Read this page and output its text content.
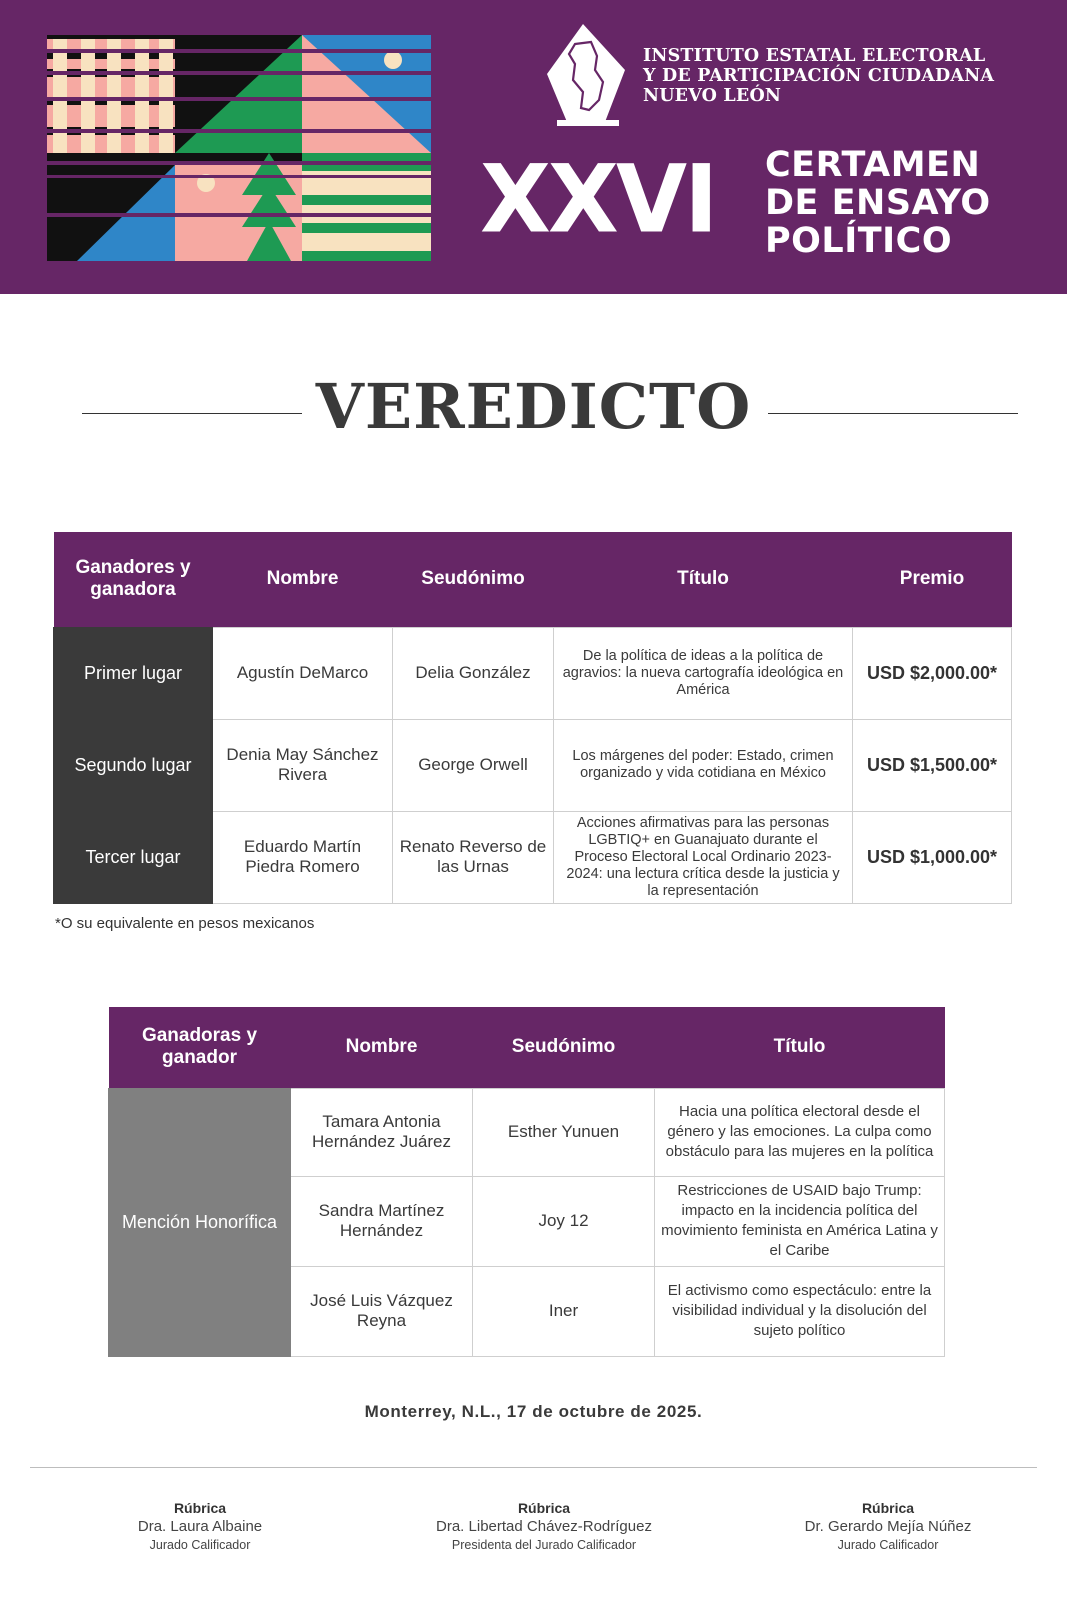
INSTITUTO ESTATAL ELECTORAL
Y DE PARTICIPACIÓN CIUDADANA
NUEVO LEÓN
XXVI CERTAMEN
DE ENSAYO
POLÍTICO
VEREDICTO
Ganadores y ganadora	Nombre	Seudónimo	Título	Premio
Primer lugar	Agustín DeMarco	Delia González	De la política de ideas a la política de agravios: la nueva cartografía ideológica en América	USD $2,000.00*
Segundo lugar	Denia May Sánchez Rivera	George Orwell	Los márgenes del poder: Estado, crimen organizado y vida cotidiana en México	USD $1,500.00*
Tercer lugar	Eduardo Martín Piedra Romero	Renato Reverso de las Urnas	Acciones afirmativas para las personas LGBTIQ+ en Guanajuato durante el Proceso Electoral Local Ordinario 2023-2024: una lectura crítica desde la justicia y la representación	USD $1,000.00*
*O su equivalente en pesos mexicanos
Ganadoras y ganador	Nombre	Seudónimo	Título
Mención Honorífica	Tamara Antonia Hernández Juárez	Esther Yunuen	Hacia una política electoral desde el género y las emociones. La culpa como obstáculo para las mujeres en la política
	Sandra Martínez Hernández	Joy 12	Restricciones de USAID bajo Trump: impacto en la incidencia política del movimiento feminista en América Latina y el Caribe
	José Luis Vázquez Reyna	Iner	El activismo como espectáculo: entre la visibilidad individual y la disolución del sujeto político
Monterrey, N.L., 17 de octubre de 2025.
Rúbrica
Dra. Laura Albaine
Jurado Calificador
Rúbrica
Dra. Libertad Chávez-Rodríguez
Presidenta del Jurado Calificador
Rúbrica
Dr. Gerardo Mejía Núñez
Jurado Calificador
